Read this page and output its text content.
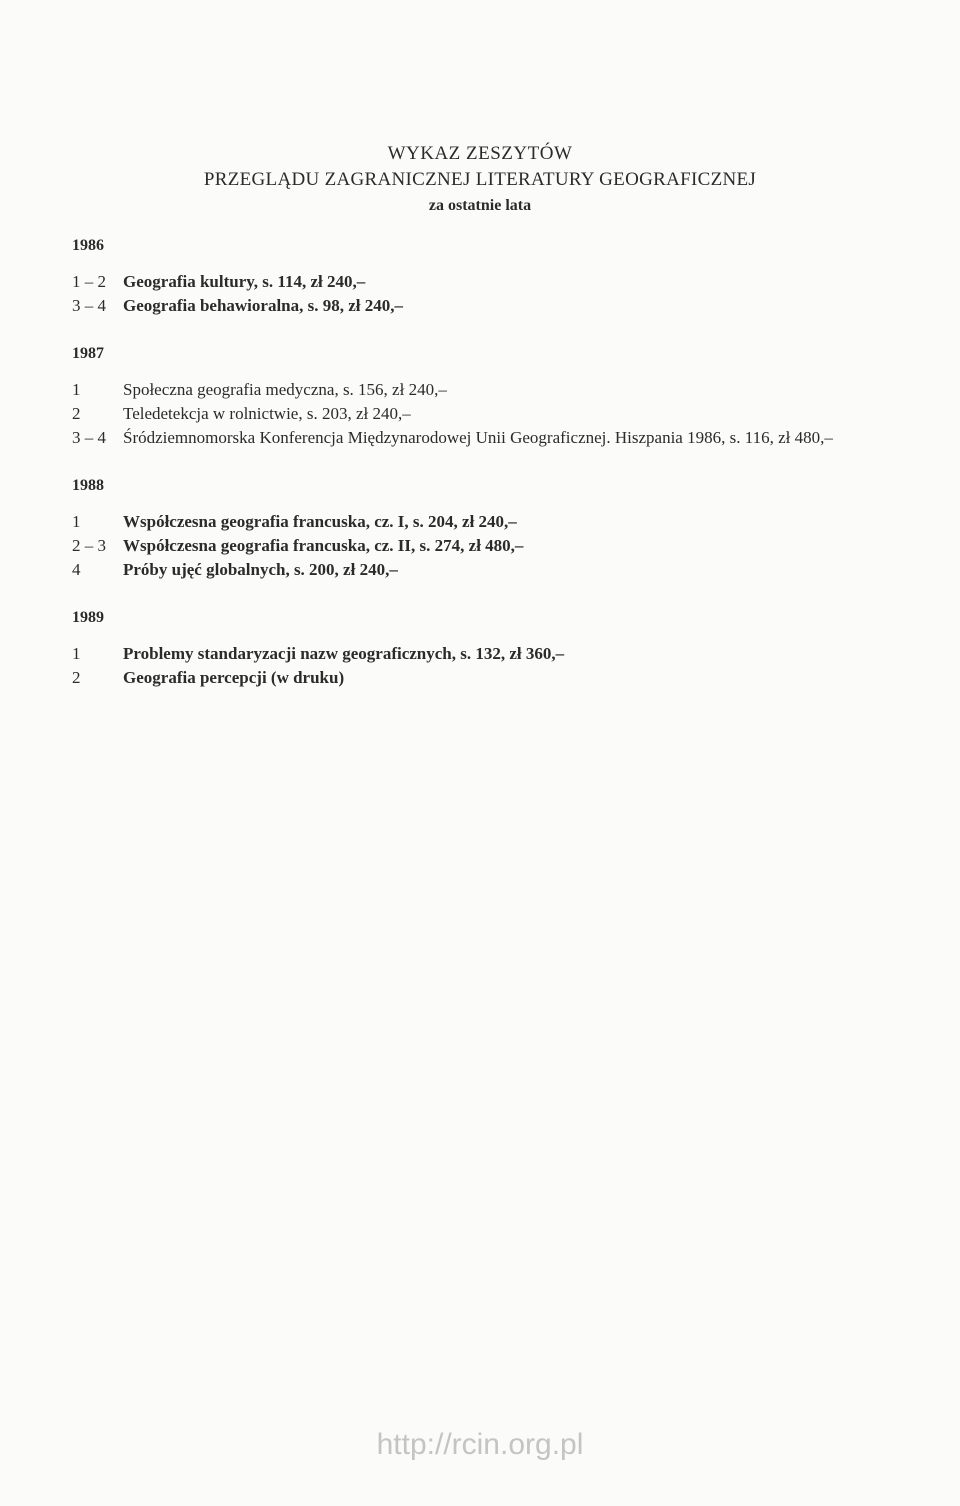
WYKAZ ZESZYTÓW
PRZEGLĄDU ZAGRANICZNEJ LITERATURY GEOGRAFICZNEJ
za ostatnie lata
1986
1 – 2	Geografia kultury, s. 114, zł 240,–
3 – 4	Geografia behawioralna, s. 98, zł 240,–
1987
1	Społeczna geografia medyczna, s. 156, zł 240,–
2	Teledetekcja w rolnictwie, s. 203, zł 240,–
3 – 4	Śródziemnomorska Konferencja Międzynarodowej Unii Geograficznej. Hiszpania 1986, s. 116, zł 480,–
1988
1	Współczesna geografia francuska, cz. I, s. 204, zł 240,–
2 – 3	Współczesna geografia francuska, cz. II, s. 274, zł 480,–
4	Próby ujęć globalnych, s. 200, zł 240,–
1989
1	Problemy standaryzacji nazw geograficznych, s. 132, zł 360,–
2	Geografia percepcji (w druku)
http://rcin.org.pl
